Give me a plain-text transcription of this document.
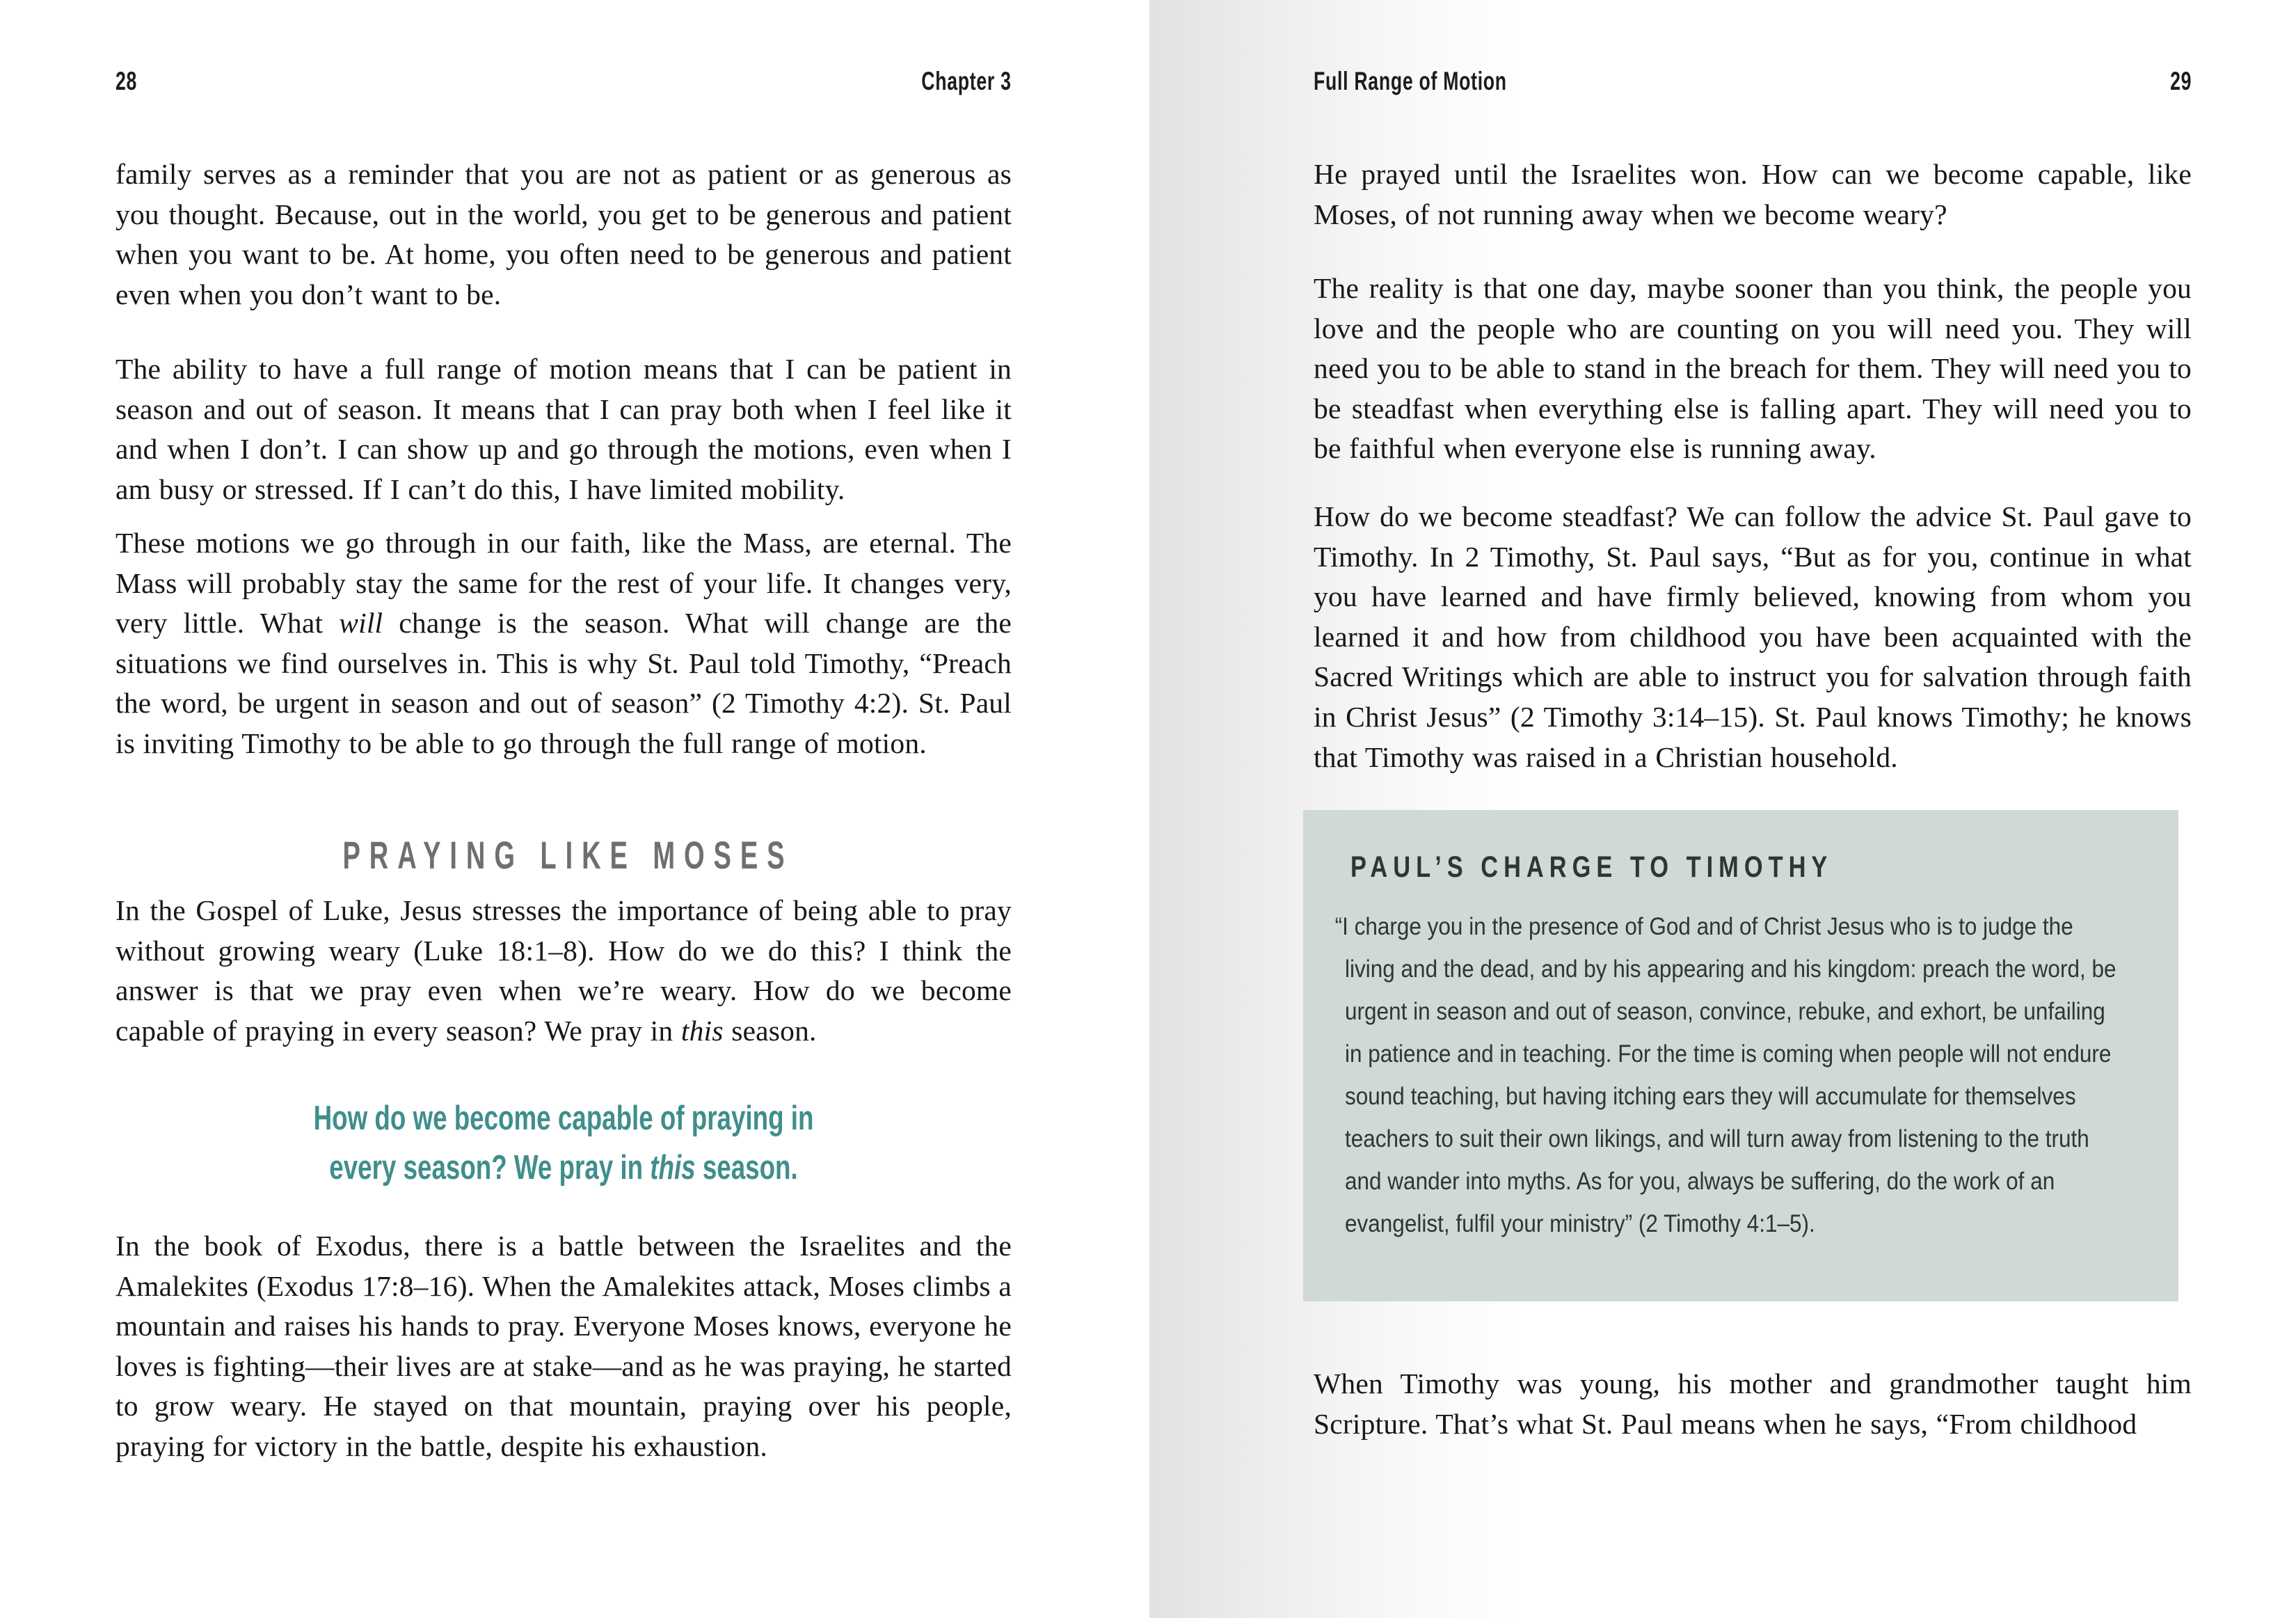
28	Chapter 3

family serves as a reminder that you are not as patient or as generous as you thought. Because, out in the world, you get to be generous and patient when you want to be. At home, you often need to be generous and patient even when you don’t want to be.

The ability to have a full range of motion means that I can be patient in season and out of season. It means that I can pray both when I feel like it and when I don’t. I can show up and go through the motions, even when I am busy or stressed. If I can’t do this, I have limited mobility.

These motions we go through in our faith, like the Mass, are eternal. The Mass will probably stay the same for the rest of your life. It changes very, very little. What will change is the season. What will change are the situations we find ourselves in. This is why St. Paul told Timothy, “Preach the word, be urgent in season and out of season” (2 Timothy 4:2). St. Paul is inviting Timothy to be able to go through the full range of motion.

PRAYING LIKE MOSES

In the Gospel of Luke, Jesus stresses the importance of being able to pray without growing weary (Luke 18:1–8). How do we do this? I think the answer is that we pray even when we’re weary. How do we become capable of praying in every season? We pray in this season.

How do we become capable of praying in
every season? We pray in this season.

In the book of Exodus, there is a battle between the Israelites and the Amalekites (Exodus 17:8–16). When the Amalekites attack, Moses climbs a mountain and raises his hands to pray. Everyone Moses knows, everyone he loves is fighting—their lives are at stake—and as he was praying, he started to grow weary. He stayed on that mountain, praying over his people, praying for victory in the battle, despite his exhaustion.

Full Range of Motion	29

He prayed until the Israelites won. How can we become capable, like Moses, of not running away when we become weary?

The reality is that one day, maybe sooner than you think, the people you love and the people who are counting on you will need you. They will need you to be able to stand in the breach for them. They will need you to be steadfast when everything else is falling apart. They will need you to be faithful when everyone else is running away.

How do we become steadfast? We can follow the advice St. Paul gave to Timothy. In 2 Timothy, St. Paul says, “But as for you, continue in what you have learned and have firmly believed, knowing from whom you learned it and how from childhood you have been acquainted with the Sacred Writings which are able to instruct you for salvation through faith in Christ Jesus” (2 Timothy 3:14–15). St. Paul knows Timothy; he knows that Timothy was raised in a Christian household.

PAUL’S CHARGE TO TIMOTHY

“I charge you in the presence of God and of Christ Jesus who is to judge the living and the dead, and by his appearing and his kingdom: preach the word, be urgent in season and out of season, convince, rebuke, and exhort, be unfailing in patience and in teaching. For the time is coming when people will not endure sound teaching, but having itching ears they will accumulate for themselves teachers to suit their own likings, and will turn away from listening to the truth and wander into myths. As for you, always be suffering, do the work of an evangelist, fulfil your ministry” (2 Timothy 4:1–5).

When Timothy was young, his mother and grandmother taught him Scripture. That’s what St. Paul means when he says, “From childhood
